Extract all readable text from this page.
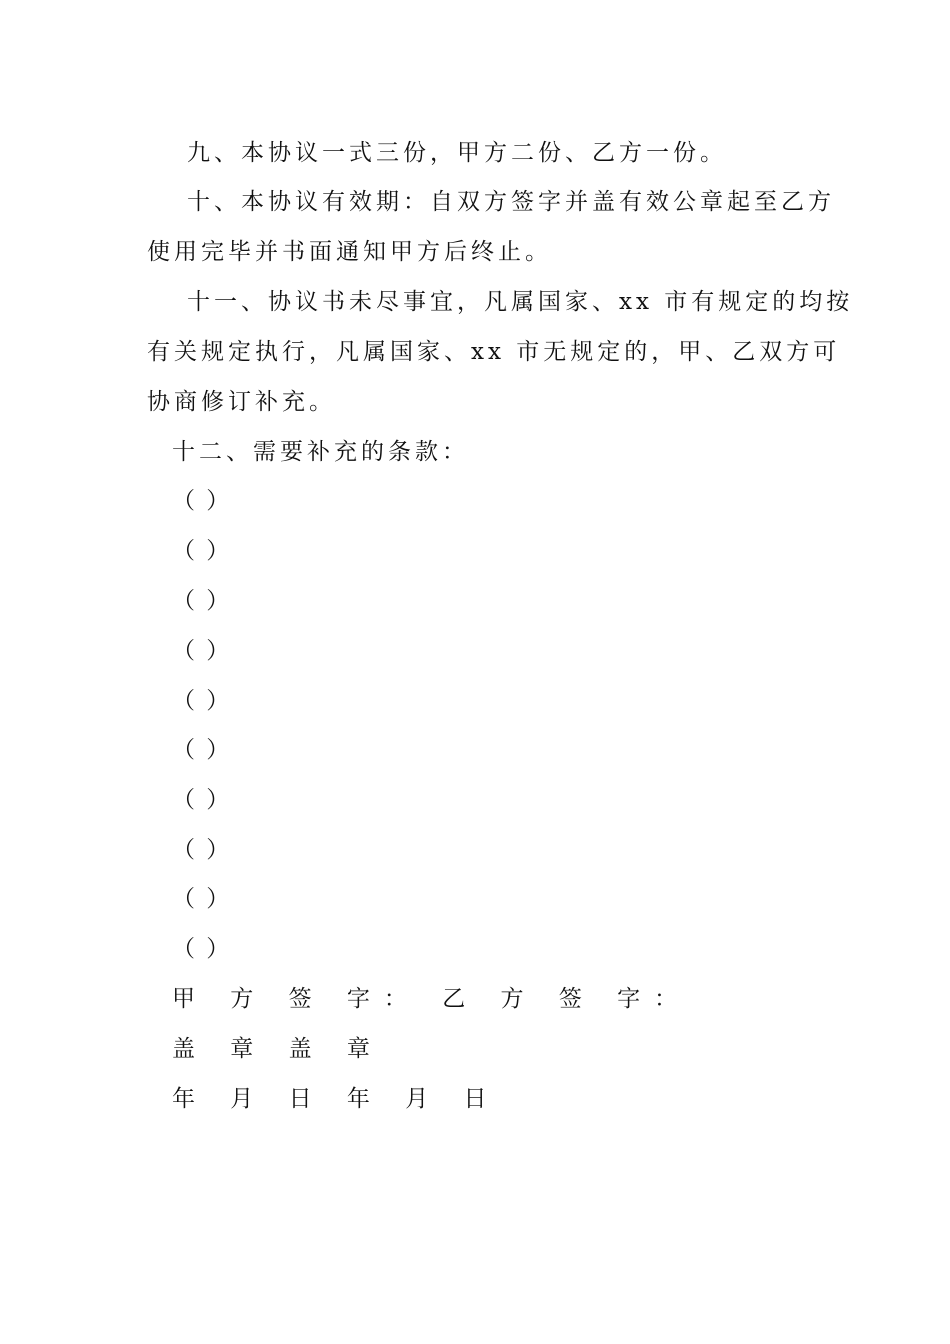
九、本协议一式三份，甲方二份、乙方一份。
十、本协议有效期：自双方签字并盖有效公章起至乙方
使用完毕并书面通知甲方后终止。
十一、协议书未尽事宜，凡属国家、xx 市有规定的均按
有关规定执行，凡属国家、xx 市无规定的，甲、乙双方可
协商修订补充。
十二、需要补充的条款：
（ ）
（ ）
（ ）
（ ）
（ ）
（ ）
（ ）
（ ）
（ ）
（ ）
甲 方 签 字： 乙 方 签 字：
盖 章 盖 章
年 月 日 年 月 日
